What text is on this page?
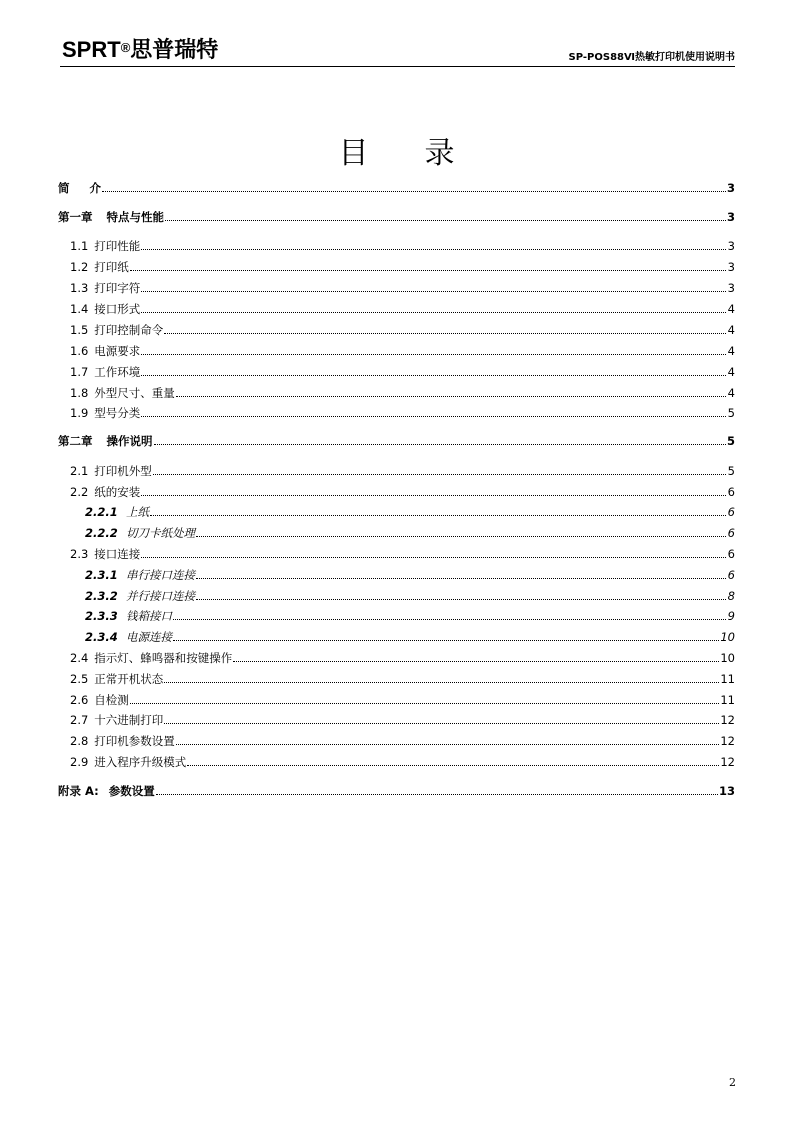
SPRT®思普瑞特	SP-POS88Ⅵ热敏打印机使用说明书
目录
简 介	3
第一章 特点与性能	3
1.1 打印性能	3
1.2 打印纸	3
1.3 打印字符	3
1.4 接口形式	4
1.5 打印控制命令	4
1.6 电源要求	4
1.7 工作环境	4
1.8 外型尺寸、重量	4
1.9 型号分类	5
第二章 操作说明	5
2.1 打印机外型	5
2.2 纸的安装	6
2.2.1 上纸	6
2.2.2 切刀卡纸处理	6
2.3 接口连接	6
2.3.1 串行接口连接	6
2.3.2 并行接口连接	8
2.3.3 钱箱接口	9
2.3.4 电源连接	10
2.4 指示灯、蜂鸣器和按键操作	10
2.5 正常开机状态	11
2.6 自检测	11
2.7 十六进制打印	12
2.8 打印机参数设置	12
2.9 进入程序升级模式	12
附录 A: 参数设置	13
2
